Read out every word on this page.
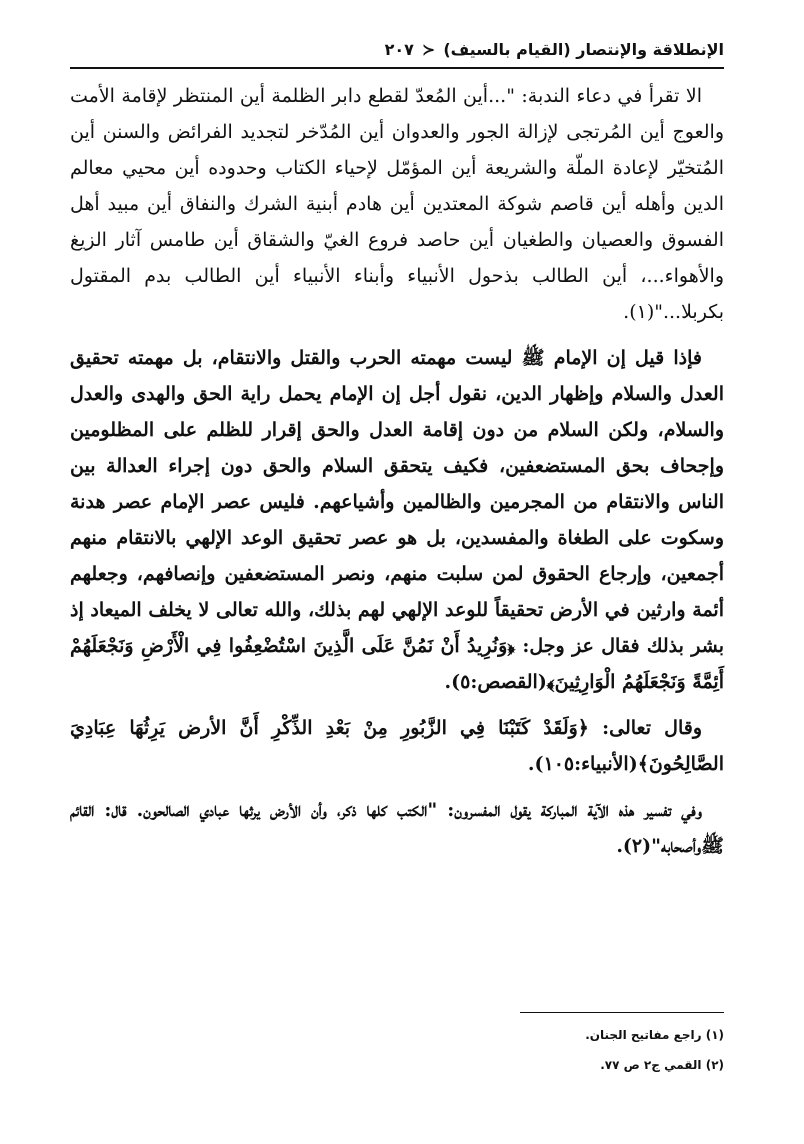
الإنطلاقة والإنتصار (القيام بالسيف)
≺
٢٠٧

الا تقرأ في دعاء الندبة: "...أين المُعدّ لقطع دابر الظلمة أين المنتظر لإقامة الأمت والعوج أين المُرتجى لإزالة الجور والعدوان أين المُدّخر لتجديد الفرائض والسنن أين المُتخيّر لإعادة الملّة والشريعة أين المؤمّل لإحياء الكتاب وحدوده أين محيي معالم الدين وأهله أين قاصم شوكة المعتدين أين هادم أبنية الشرك والنفاق أين مبيد أهل الفسوق والعصيان والطغيان أين حاصد فروع الغيّ والشقاق أين طامس آثار الزيغ والأهواء...، أين الطالب بذحول الأنبياء وأبناء الأنبياء أين الطالب بدم المقتول بكربلا..."(١).

فإذا قيل إن الإمام ﷺ ليست مهمته الحرب والقتل والانتقام، بل مهمته تحقيق العدل والسلام وإظهار الدين، نقول أجل إن الإمام يحمل راية الحق والهدى والعدل والسلام، ولكن السلام من دون إقامة العدل والحق إقرار للظلم على المظلومين وإجحاف بحق المستضعفين، فكيف يتحقق السلام والحق دون إجراء العدالة بين الناس والانتقام من المجرمين والظالمين وأشياعهم. فليس عصر الإمام عصر هدنة وسكوت على الطغاة والمفسدين، بل هو عصر تحقيق الوعد الإلهي بالانتقام منهم أجمعين، وإرجاع الحقوق لمن سلبت منهم، ونصر المستضعفين وإنصافهم، وجعلهم أئمة وارثين في الأرض تحقيقاً للوعد الإلهي لهم بذلك، والله تعالى لا يخلف الميعاد إذ بشر بذلك فقال عز وجل: ﴿وَنُرِيدُ أَنْ نَمُنَّ عَلَى الَّذِينَ اسْتُضْعِفُوا فِي الْأَرْضِ وَنَجْعَلَهُمْ أَئِمَّةً وَنَجْعَلَهُمُ الْوَارِثِينَ﴾(القصص:٥).

وقال تعالى: ﴿وَلَقَدْ كَتَبْنَا فِي الزَّبُورِ مِنْ بَعْدِ الذِّكْرِ أَنَّ الأرض يَرِثُهَا عِبَادِيَ الصَّالِحُونَ﴾(الأنبياء:١٠٥).

وفي تفسير هذه الآية المباركة يقول المفسرون: "الكتب كلها ذكر، وأن الأرض يرثها عبادي الصالحون. قال: القائم ﷺوأصحابه"(٢).

(١) راجع مفاتيح الجنان.
(٢) القمي ج٢ ص ٧٧.
